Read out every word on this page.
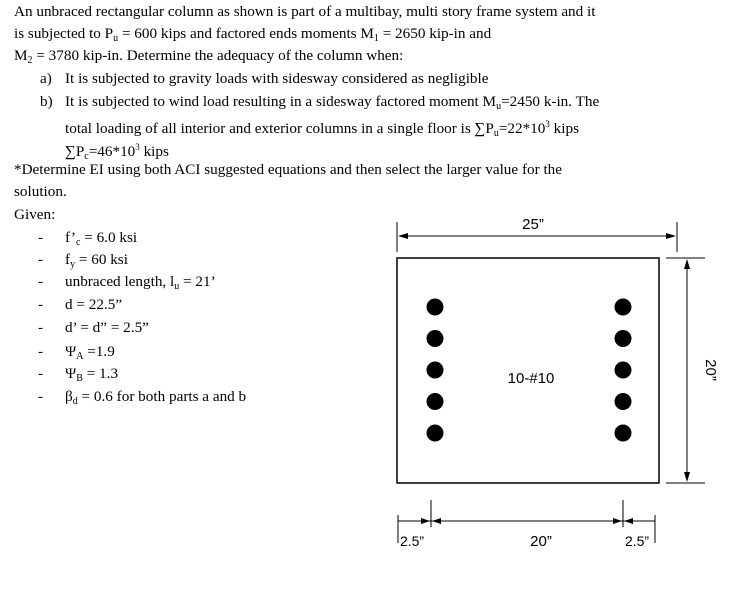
An unbraced rectangular column as shown is part of a multibay, multi story frame system and it
is subjected to $P_u = 600$ kips and factored ends moments $M_1 = 2650$ kip-in and
$M_2 = 3780$ kip-in. Determine the adequacy of the column when:
a) It is subjected to gravity loads with sidesway considered as negligible
b) It is subjected to wind load resulting in a sidesway factored moment $M_u=2450$ k-in. The
total loading of all interior and exterior columns in a single floor is $\sum P_u=22*10^3$ kips
$\sum P_c=46*10^3$ kips
*Determine EI using both ACI suggested equations and then select the larger value for the
solution.
Given:
- $f’_c = 6.0$ ksi
- $f_y = 60$ ksi
- unbraced length, $l_u = 21$’
- d = 22.5”
- d’ = d” = 2.5”
- $\Psi_A =1.9$
- $\Psi_B = 1.3$
- $\beta_d = 0.6$ for both parts a and b
25”
20”
10-#10
2.5”	20”	2.5”
